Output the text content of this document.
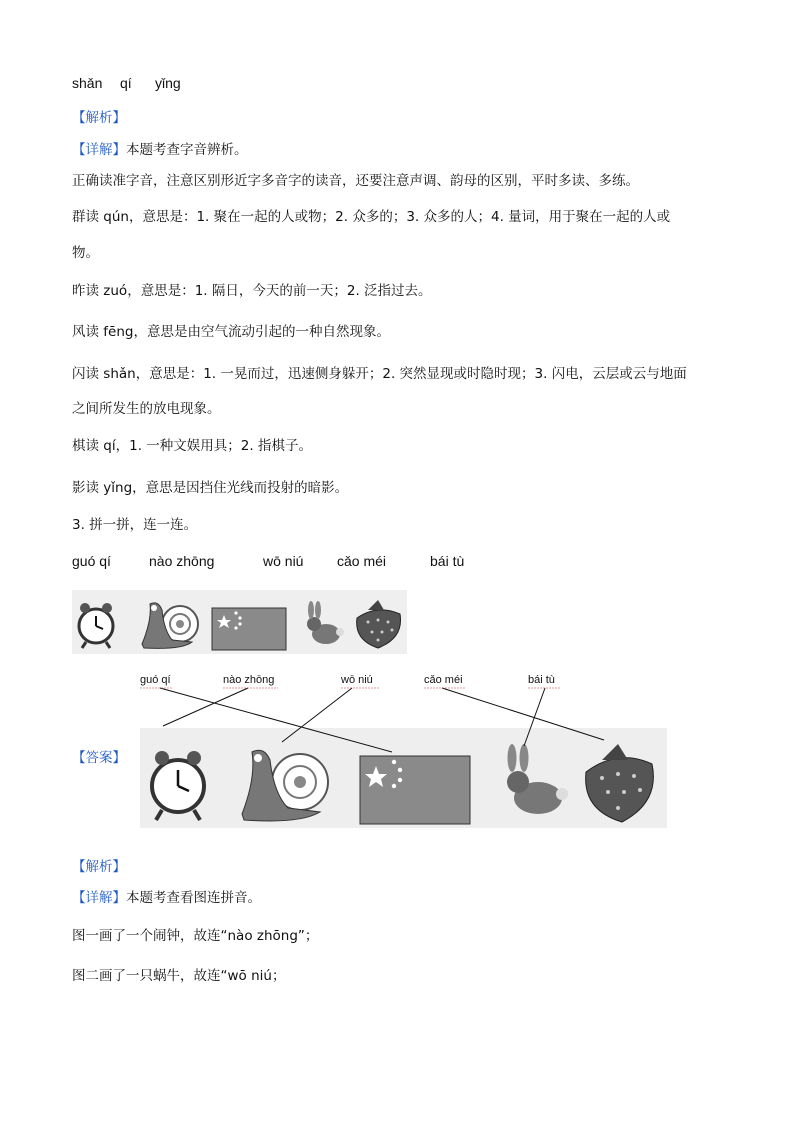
shǎn qí yǐng
【解析】
【详解】本题考查字音辨析。
正确读准字音，注意区别形近字多音字的读音，还要注意声调、韵母的区别，平时多读、多练。
群读 qún，意思是：1. 聚在一起的人或物；2. 众多的；3. 众多的人；4. 量词，用于聚在一起的人或
物。
昨读 zuó，意思是：1. 隔日，今天的前一天；2. 泛指过去。
风读 fēng，意思是由空气流动引起的一种自然现象。
闪读 shǎn，意思是：1. 一晃而过，迅速侧身躲开；2. 突然显现或时隐时现；3. 闪电，云层或云与地面
之间所发生的放电现象。
棋读 qí，1. 一种文娱用具；2. 指棋子。
影读 yǐng，意思是因挡住光线而投射的暗影。
3. 拼一拼，连一连。
guó qí	nào zhōng	wō niú cǎo méi	bái tù
guó qí	nào zhōng	wō niú	cǎo méi	bái tù
【答案】
【解析】
【详解】本题考查看图连拼音。
图一画了一个闹钟，故连“nào zhōng”；
图二画了一只蜗牛，故连“wō niú；
